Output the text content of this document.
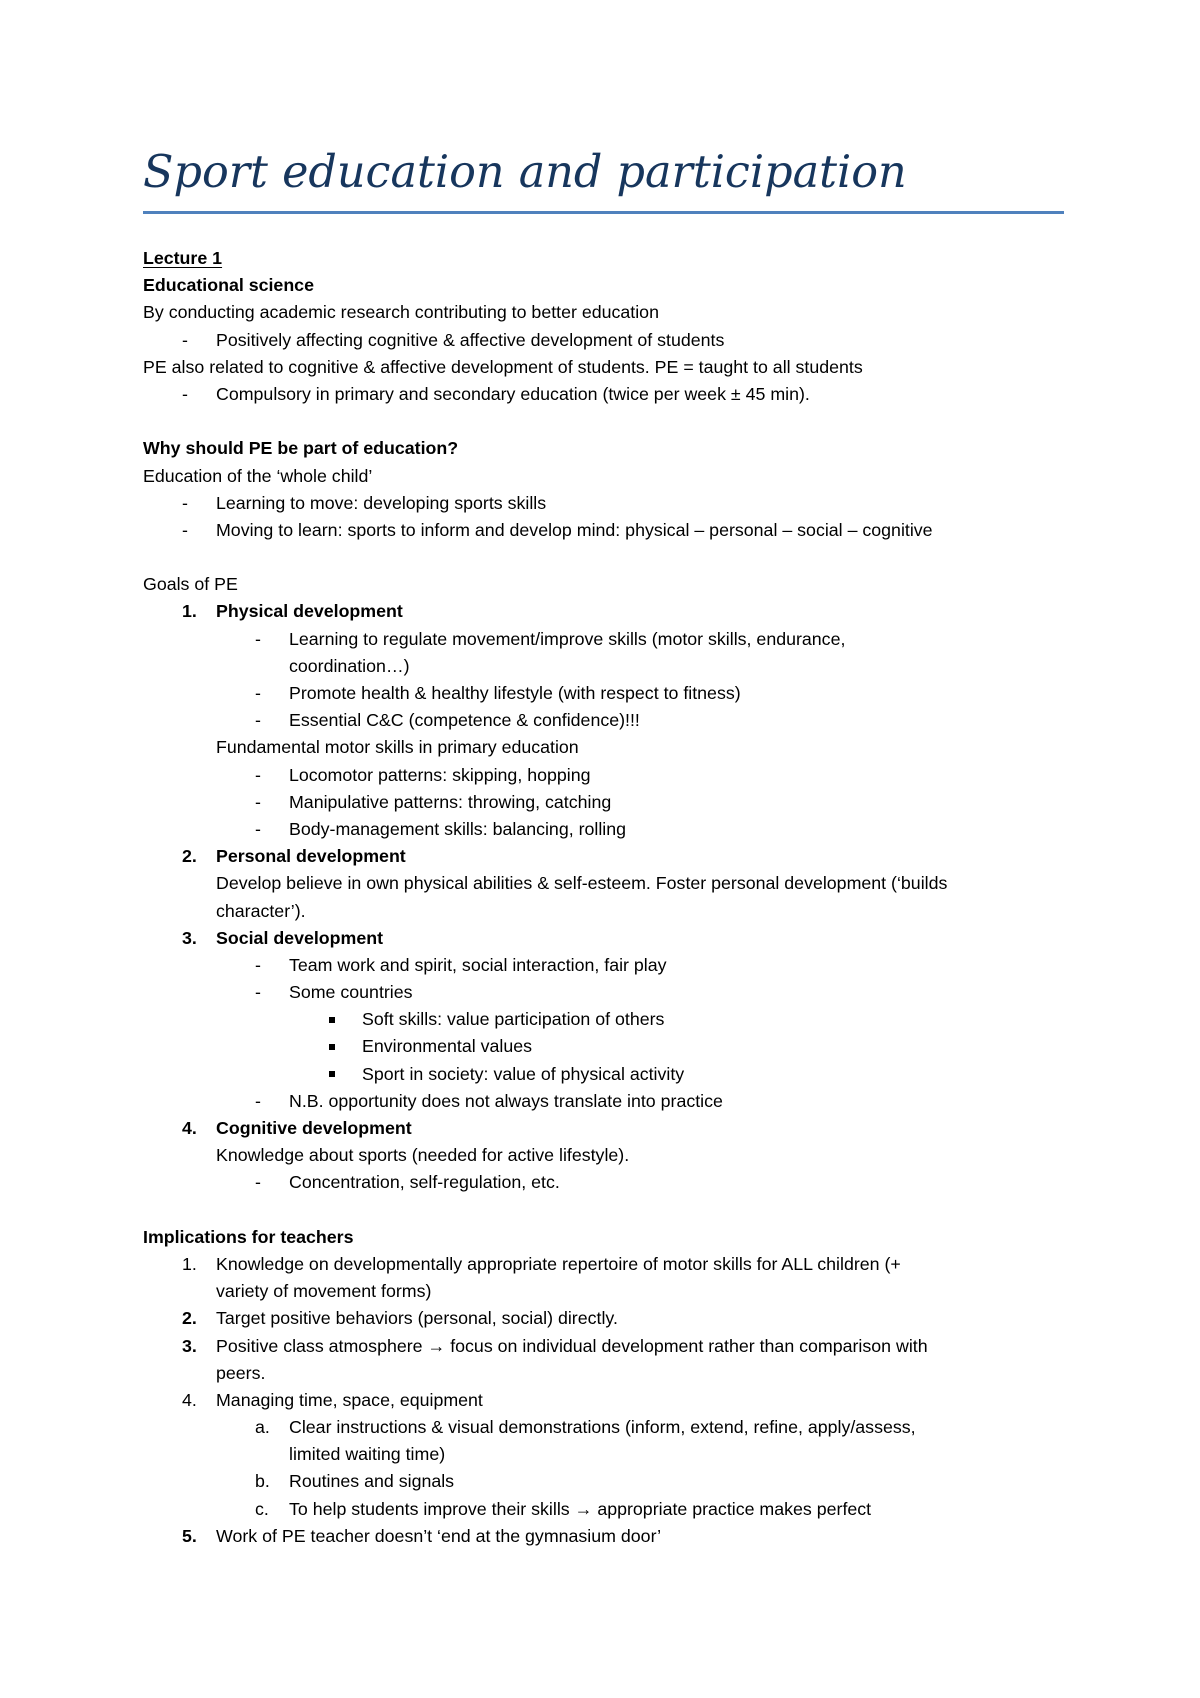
Sport education and participation
Lecture 1
Educational science
By conducting academic research contributing to better education
- Positively affecting cognitive & affective development of students
PE also related to cognitive & affective development of students. PE = taught to all students
- Compulsory in primary and secondary education (twice per week ± 45 min).
Why should PE be part of education?
Education of the ‘whole child’
- Learning to move: developing sports skills
- Moving to learn: sports to inform and develop mind: physical – personal – social – cognitive
Goals of PE
1. Physical development
- Learning to regulate movement/improve skills (motor skills, endurance,
coordination…)
- Promote health & healthy lifestyle (with respect to fitness)
- Essential C&C (competence & confidence)!!!
Fundamental motor skills in primary education
- Locomotor patterns: skipping, hopping
- Manipulative patterns: throwing, catching
- Body-management skills: balancing, rolling
2. Personal development
Develop believe in own physical abilities & self-esteem. Foster personal development (‘builds
character’).
3. Social development
- Team work and spirit, social interaction, fair play
- Some countries
Soft skills: value participation of others
Environmental values
Sport in society: value of physical activity
- N.B. opportunity does not always translate into practice
4. Cognitive development
Knowledge about sports (needed for active lifestyle).
- Concentration, self-regulation, etc.
Implications for teachers
1. Knowledge on developmentally appropriate repertoire of motor skills for ALL children (+
variety of movement forms)
2. Target positive behaviors (personal, social) directly.
3. Positive class atmosphere → focus on individual development rather than comparison with
peers.
4. Managing time, space, equipment
a. Clear instructions & visual demonstrations (inform, extend, refine, apply/assess,
limited waiting time)
b. Routines and signals
c. To help students improve their skills → appropriate practice makes perfect
5. Work of PE teacher doesn’t ‘end at the gymnasium door’
